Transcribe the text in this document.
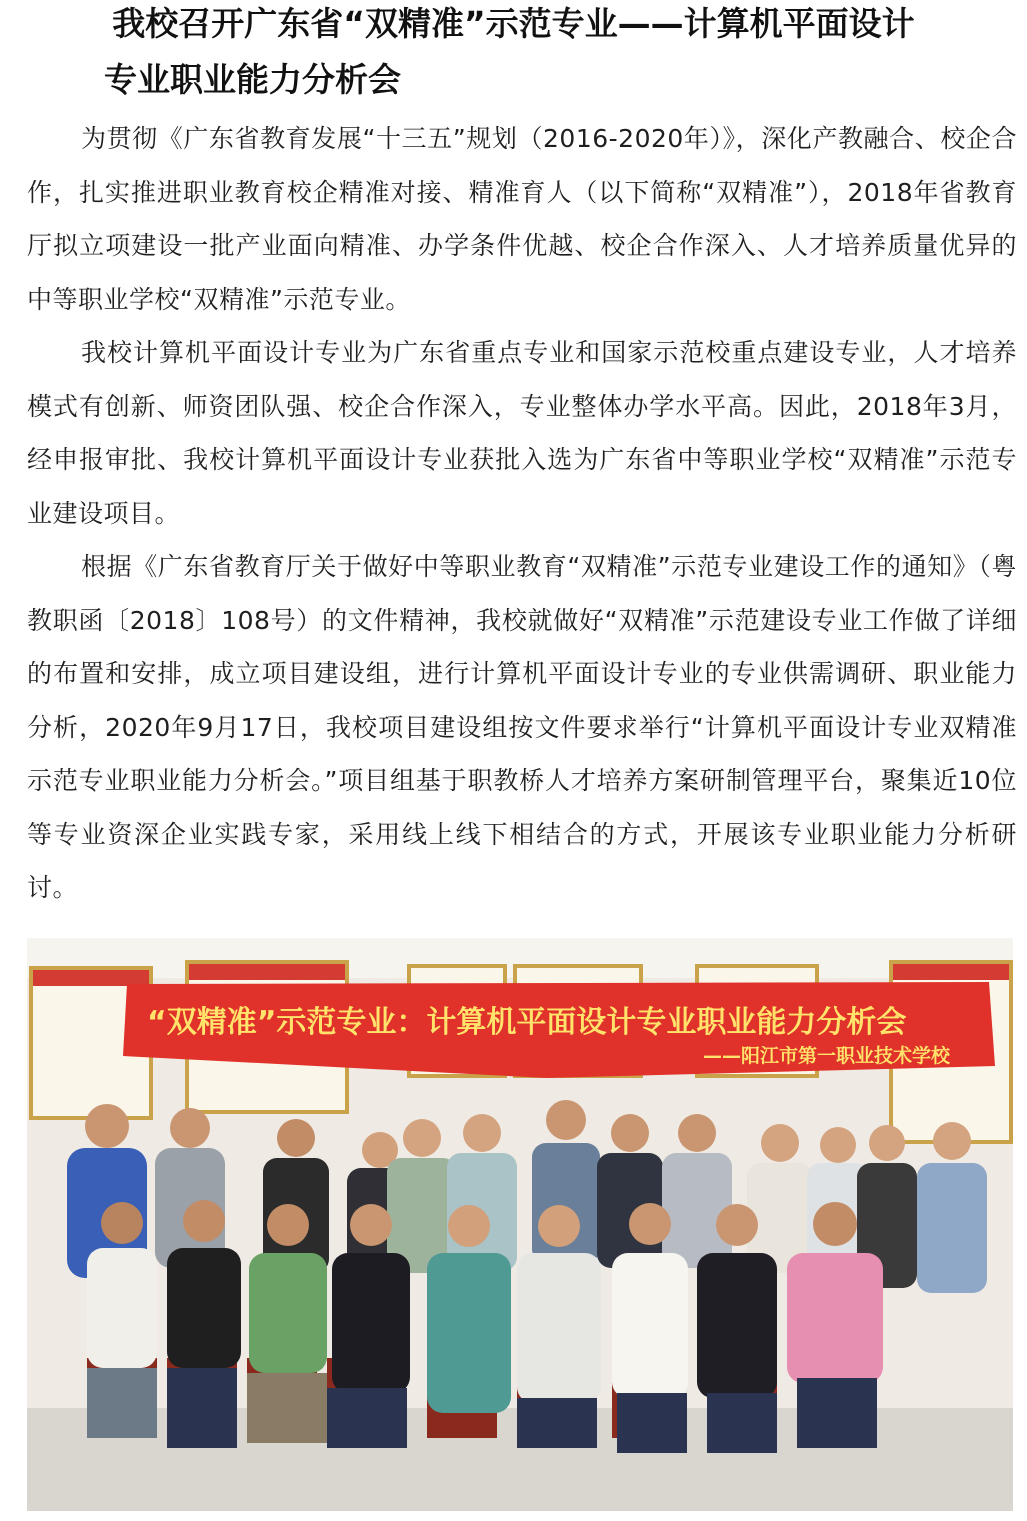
我校召开广东省“双精准”示范专业——计算机平面设计
专业职业能力分析会

为贯彻《广东省教育发展“十三五”规划（2016-2020年）》，深化产教融合、校企合作，扎实推进职业教育校企精准对接、精准育人（以下简称“双精准”），2018年省教育厅拟立项建设一批产业面向精准、办学条件优越、校企合作深入、人才培养质量优异的中等职业学校“双精准”示范专业。

我校计算机平面设计专业为广东省重点专业和国家示范校重点建设专业，人才培养模式有创新、师资团队强、校企合作深入，专业整体办学水平高。因此，2018年3月，经申报审批、我校计算机平面设计专业获批入选为广东省中等职业学校“双精准”示范专业建设项目。

根据《广东省教育厅关于做好中等职业教育“双精准”示范专业建设工作的通知》（粤教职函〔2018〕108号）的文件精神，我校就做好“双精准”示范建设专业工作做了详细的布置和安排，成立项目建设组，进行计算机平面设计专业的专业供需调研、职业能力分析，2020年9月17日，我校项目建设组按文件要求举行“计算机平面设计专业双精准示范专业职业能力分析会。”项目组基于职教桥人才培养方案研制管理平台，聚集近10位等专业资深企业实践专家，采用线上线下相结合的方式，开展该专业职业能力分析研讨。

“双精准”示范专业：计算机平面设计专业职业能力分析会
——阳江市第一职业技术学校
